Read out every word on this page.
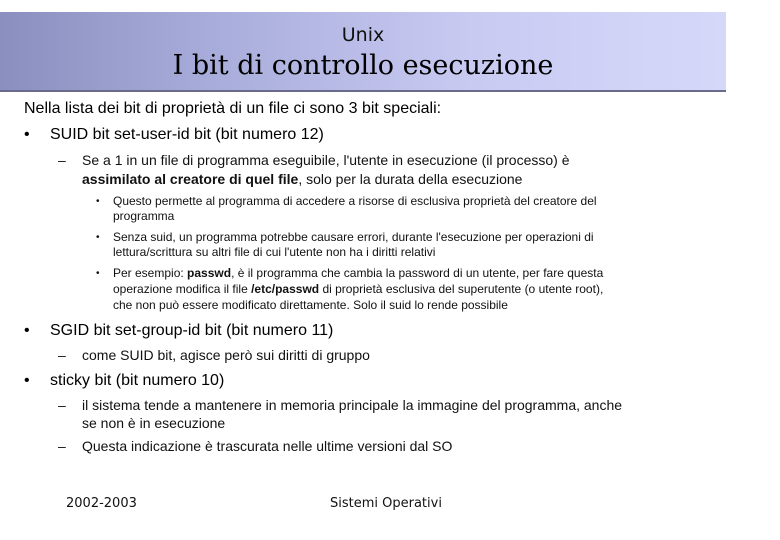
Unix
I bit di controllo esecuzione
Nella lista dei bit di proprietà di un file ci sono 3 bit speciali:
• SUID bit set-user-id bit (bit numero 12)
– Se a 1 in un file di programma eseguibile, l'utente in esecuzione (il processo) è
assimilato al creatore di quel file, solo per la durata della esecuzione
• Questo permette al programma di accedere a risorse di esclusiva proprietà del creatore del
programma
• Senza suid, un programma potrebbe causare errori, durante l'esecuzione per operazioni di
lettura/scrittura su altri file di cui l'utente non ha i diritti relativi
• Per esempio: passwd, è il programma che cambia la password di un utente, per fare questa
operazione modifica il file /etc/passwd di proprietà esclusiva del superutente (o utente root),
che non può essere modificato direttamente. Solo il suid lo rende possibile
• SGID bit set-group-id bit (bit numero 11)
– come SUID bit, agisce però sui diritti di gruppo
• sticky bit (bit numero 10)
– il sistema tende a mantenere in memoria principale la immagine del programma, anche
se non è in esecuzione
– Questa indicazione è trascurata nelle ultime versioni dal SO
2002-2003	Sistemi Operativi
